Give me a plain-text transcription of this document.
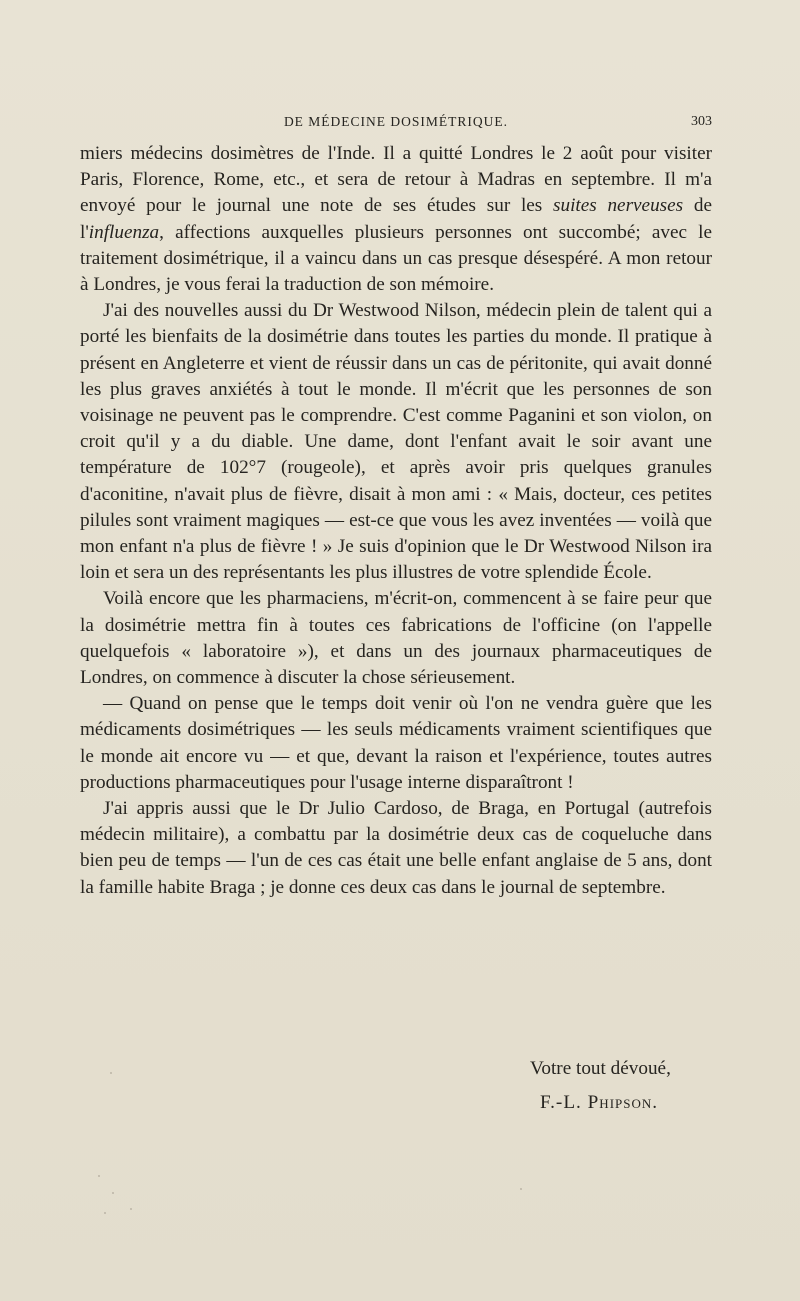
DE MÉDECINE DOSIMÉTRIQUE.	303

miers médecins dosimètres de l'Inde. Il a quitté Londres le 2 août pour visiter Paris, Florence, Rome, etc., et sera de retour à Madras en septembre. Il m'a envoyé pour le journal une note de ses études sur les suites nerveuses de l'influenza, affections auxquelles plusieurs personnes ont succombé; avec le traitement dosimétrique, il a vaincu dans un cas presque désespéré. A mon retour à Londres, je vous ferai la traduction de son mémoire.

J'ai des nouvelles aussi du Dr Westwood Nilson, médecin plein de talent qui a porté les bienfaits de la dosimétrie dans toutes les parties du monde. Il pratique à présent en Angleterre et vient de réussir dans un cas de péritonite, qui avait donné les plus graves anxiétés à tout le monde. Il m'écrit que les personnes de son voisinage ne peuvent pas le comprendre. C'est comme Paganini et son violon, on croit qu'il y a du diable. Une dame, dont l'enfant avait le soir avant une température de 102°7 (rougeole), et après avoir pris quelques granules d'aconitine, n'avait plus de fièvre, disait à mon ami : « Mais, docteur, ces petites pilules sont vraiment magiques — est-ce que vous les avez inventées — voilà que mon enfant n'a plus de fièvre ! » Je suis d'opinion que le Dr Westwood Nilson ira loin et sera un des représentants les plus illustres de votre splendide École.

Voilà encore que les pharmaciens, m'écrit-on, commencent à se faire peur que la dosimétrie mettra fin à toutes ces fabrications de l'officine (on l'appelle quelquefois « laboratoire »), et dans un des journaux pharmaceutiques de Londres, on commence à discuter la chose sérieusement.

— Quand on pense que le temps doit venir où l'on ne vendra guère que les médicaments dosimétriques — les seuls médicaments vraiment scientifiques que le monde ait encore vu — et que, devant la raison et l'expérience, toutes autres productions pharmaceutiques pour l'usage interne disparaîtront !

J'ai appris aussi que le Dr Julio Cardoso, de Braga, en Portugal (autrefois médecin militaire), a combattu par la dosimétrie deux cas de coqueluche dans bien peu de temps — l'un de ces cas était une belle enfant anglaise de 5 ans, dont la famille habite Braga ; je donne ces deux cas dans le journal de septembre.

Votre tout dévoué,
F.-L. Phipson.
